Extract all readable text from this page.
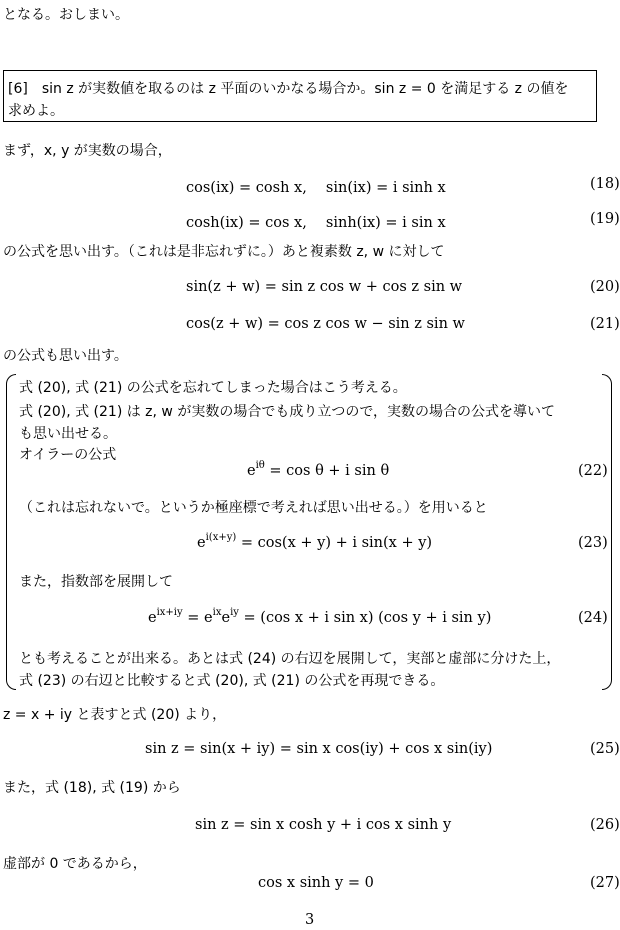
となる。おしまい。
[6]　sin z が実数値を取るのは z 平面のいかなる場合か。sin z = 0 を満足する z の値を
求めよ。
まず，x, y が実数の場合，
cos(ix) = cosh x,　 sin(ix) = i sinh x	(18)
cosh(ix) = cos x,　 sinh(ix) = i sin x	(19)
の公式を思い出す。（これは是非忘れずに。）あと複素数 z, w に対して
sin(z + w) = sin z cos w + cos z sin w	(20)
cos(z + w) = cos z cos w − sin z sin w	(21)
の公式も思い出す。
式 (20), 式 (21) の公式を忘れてしまった場合はこう考える。
式 (20), 式 (21) は z, w が実数の場合でも成り立つので，実数の場合の公式を導いて
も思い出せる。
オイラーの公式
$e^{i\theta} = \cos \theta + i$ sin θ	(22)
（これは忘れないで。というか極座標で考えれば思い出せる。）を用いると
$e^{i(x+y)} = \cos(x + y) + i$ sin(x + y)	(23)
また，指数部を展開して
$e^{ix+iy} = e^{ix}e^{iy} = (\cos$ x + i sin x) (cos y + i sin y)	(24)
とも考えることが出来る。あとは式 (24) の右辺を展開して，実部と虚部に分けた上，
式 (23) の右辺と比較すると式 (20), 式 (21) の公式を再現できる。
z = x + iy と表すと式 (20) より，
sin z = sin(x + iy) = sin x cos(iy) + cos x sin(iy)	(25)
また，式 (18), 式 (19) から
sin z = sin x cosh y + i cos x sinh y	(26)
虚部が 0 であるから，
cos x sinh y = 0	(27)
3
